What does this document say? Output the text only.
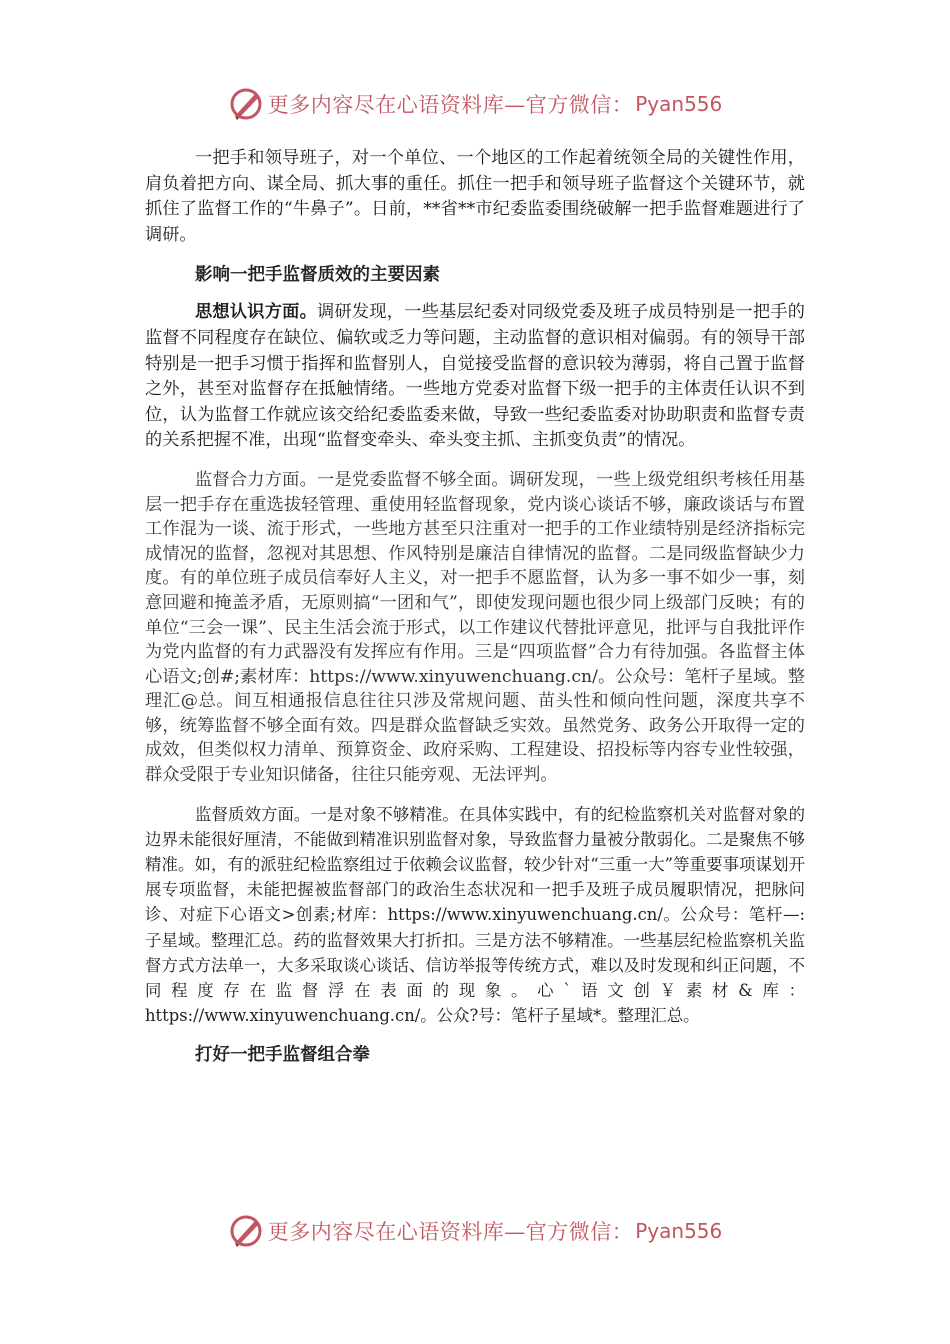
更多内容尽在心语资料库—官方微信： Pyan556

一把手和领导班子，对一个单位、一个地区的工作起着统领全局的关键性作用，肩负着把方向、谋全局、抓大事的重任。抓住一把手和领导班子监督这个关键环节，就抓住了监督工作的“牛鼻子”。日前，**省**市纪委监委围绕破解一把手监督难题进行了调研。

影响一把手监督质效的主要因素

思想认识方面。调研发现，一些基层纪委对同级党委及班子成员特别是一把手的监督不同程度存在缺位、偏软或乏力等问题，主动监督的意识相对偏弱。有的领导干部特别是一把手习惯于指挥和监督别人，自觉接受监督的意识较为薄弱，将自己置于监督之外，甚至对监督存在抵触情绪。一些地方党委对监督下级一把手的主体责任认识不到位，认为监督工作就应该交给纪委监委来做，导致一些纪委监委对协助职责和监督专责的关系把握不准，出现“监督变牵头、牵头变主抓、主抓变负责”的情况。

监督合力方面。一是党委监督不够全面。调研发现，一些上级党组织考核任用基层一把手存在重选拔轻管理、重使用轻监督现象，党内谈心谈话不够，廉政谈话与布置工作混为一谈、流于形式，一些地方甚至只注重对一把手的工作业绩特别是经济指标完成情况的监督，忽视对其思想、作风特别是廉洁自律情况的监督。二是同级监督缺少力度。有的单位班子成员信奉好人主义，对一把手不愿监督，认为多一事不如少一事，刻意回避和掩盖矛盾，无原则搞“一团和气”，即使发现问题也很少同上级部门反映；有的单位“三会一课”、民主生活会流于形式，以工作建议代替批评意见，批评与自我批评作为党内监督的有力武器没有发挥应有作用。三是“四项监督”合力有待加强。各监督主体心语文;创#;素材库：https://www.xinyuwenchuang.cn/。公众号：笔杆子星域。整理汇@总。间互相通报信息往往只涉及常规问题、苗头性和倾向性问题，深度共享不够，统筹监督不够全面有效。四是群众监督缺乏实效。虽然党务、政务公开取得一定的成效，但类似权力清单、预算资金、政府采购、工程建设、招投标等内容专业性较强，群众受限于专业知识储备，往往只能旁观、无法评判。

监督质效方面。一是对象不够精准。在具体实践中，有的纪检监察机关对监督对象的边界未能很好厘清，不能做到精准识别监督对象，导致监督力量被分散弱化。二是聚焦不够精准。如，有的派驻纪检监察组过于依赖会议监督，较少针对“三重一大”等重要事项谋划开展专项监督，未能把握被监督部门的政治生态状况和一把手及班子成员履职情况，把脉问诊、对症下心语文>创素;材库：https://www.xinyuwenchuang.cn/。公众号：笔杆—:子星域。整理汇总。药的监督效果大打折扣。三是方法不够精准。一些基层纪检监察机关监督方式方法单一，大多采取谈心谈话、信访举报等传统方式，难以及时发现和纠正问题，不同程度存在监督浮在表面的现象。心`语文创￥素材&库：https://www.xinyuwenchuang.cn/。公众?号：笔杆子星域*。整理汇总。

打好一把手监督组合拳
更多内容尽在心语资料库—官方微信： Pyan556
